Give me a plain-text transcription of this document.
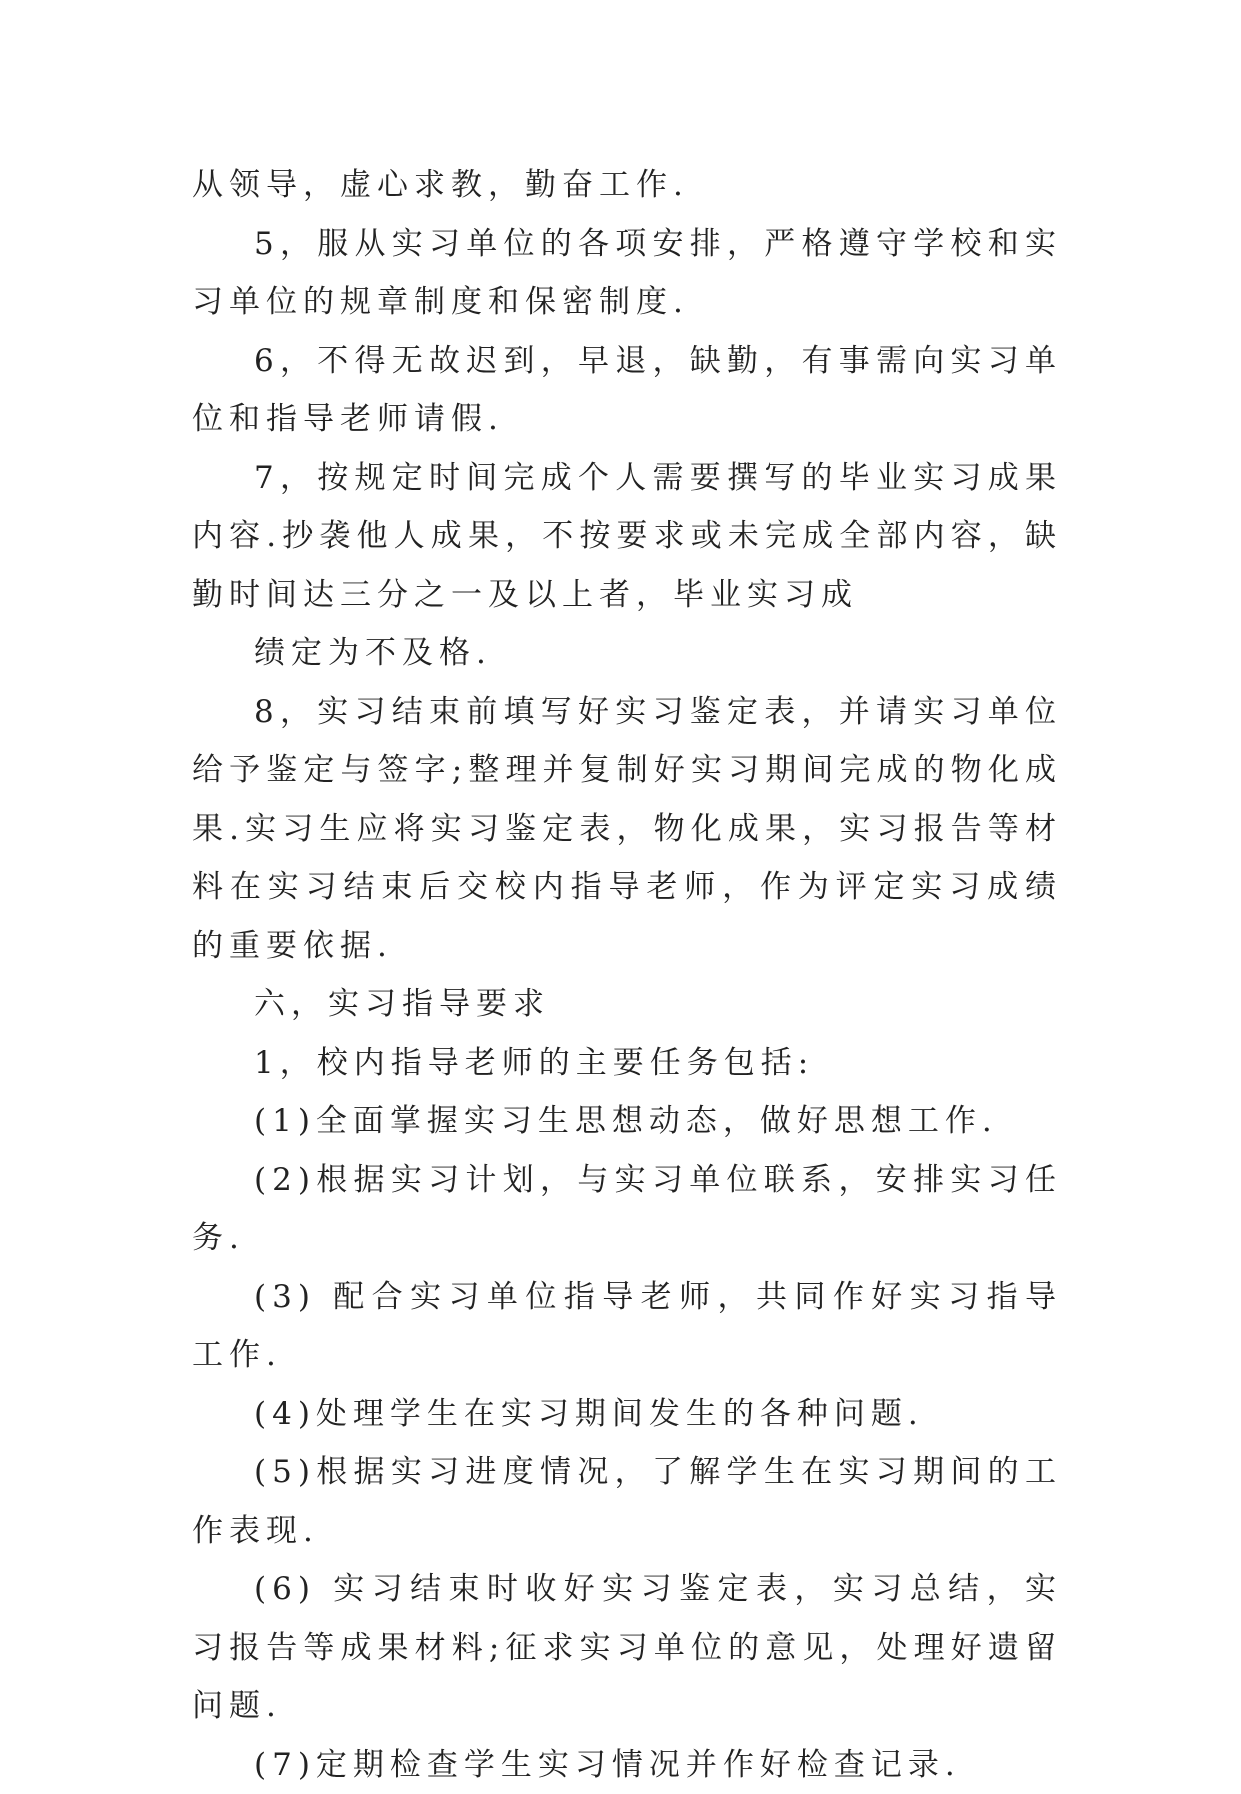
从领导，虚心求教，勤奋工作.

5，服从实习单位的各项安排，严格遵守学校和实习单位的规章制度和保密制度.

6，不得无故迟到，早退，缺勤，有事需向实习单位和指导老师请假.

7，按规定时间完成个人需要撰写的毕业实习成果内容.抄袭他人成果，不按要求或未完成全部内容，缺勤时间达三分之一及以上者，毕业实习成

绩定为不及格.

8，实习结束前填写好实习鉴定表，并请实习单位给予鉴定与签字;整理并复制好实习期间完成的物化成果.实习生应将实习鉴定表，物化成果，实习报告等材料在实习结束后交校内指导老师，作为评定实习成绩的重要依据.

六，实习指导要求

1，校内指导老师的主要任务包括:

(1)全面掌握实习生思想动态，做好思想工作.

(2)根据实习计划，与实习单位联系，安排实习任务.

(3) 配合实习单位指导老师，共同作好实习指导工作.

(4)处理学生在实习期间发生的各种问题.

(5)根据实习进度情况，了解学生在实习期间的工作表现.

(6) 实习结束时收好实习鉴定表，实习总结，实习报告等成果材料;征求实习单位的意见，处理好遗留问题.

(7)定期检查学生实习情况并作好检查记录.
